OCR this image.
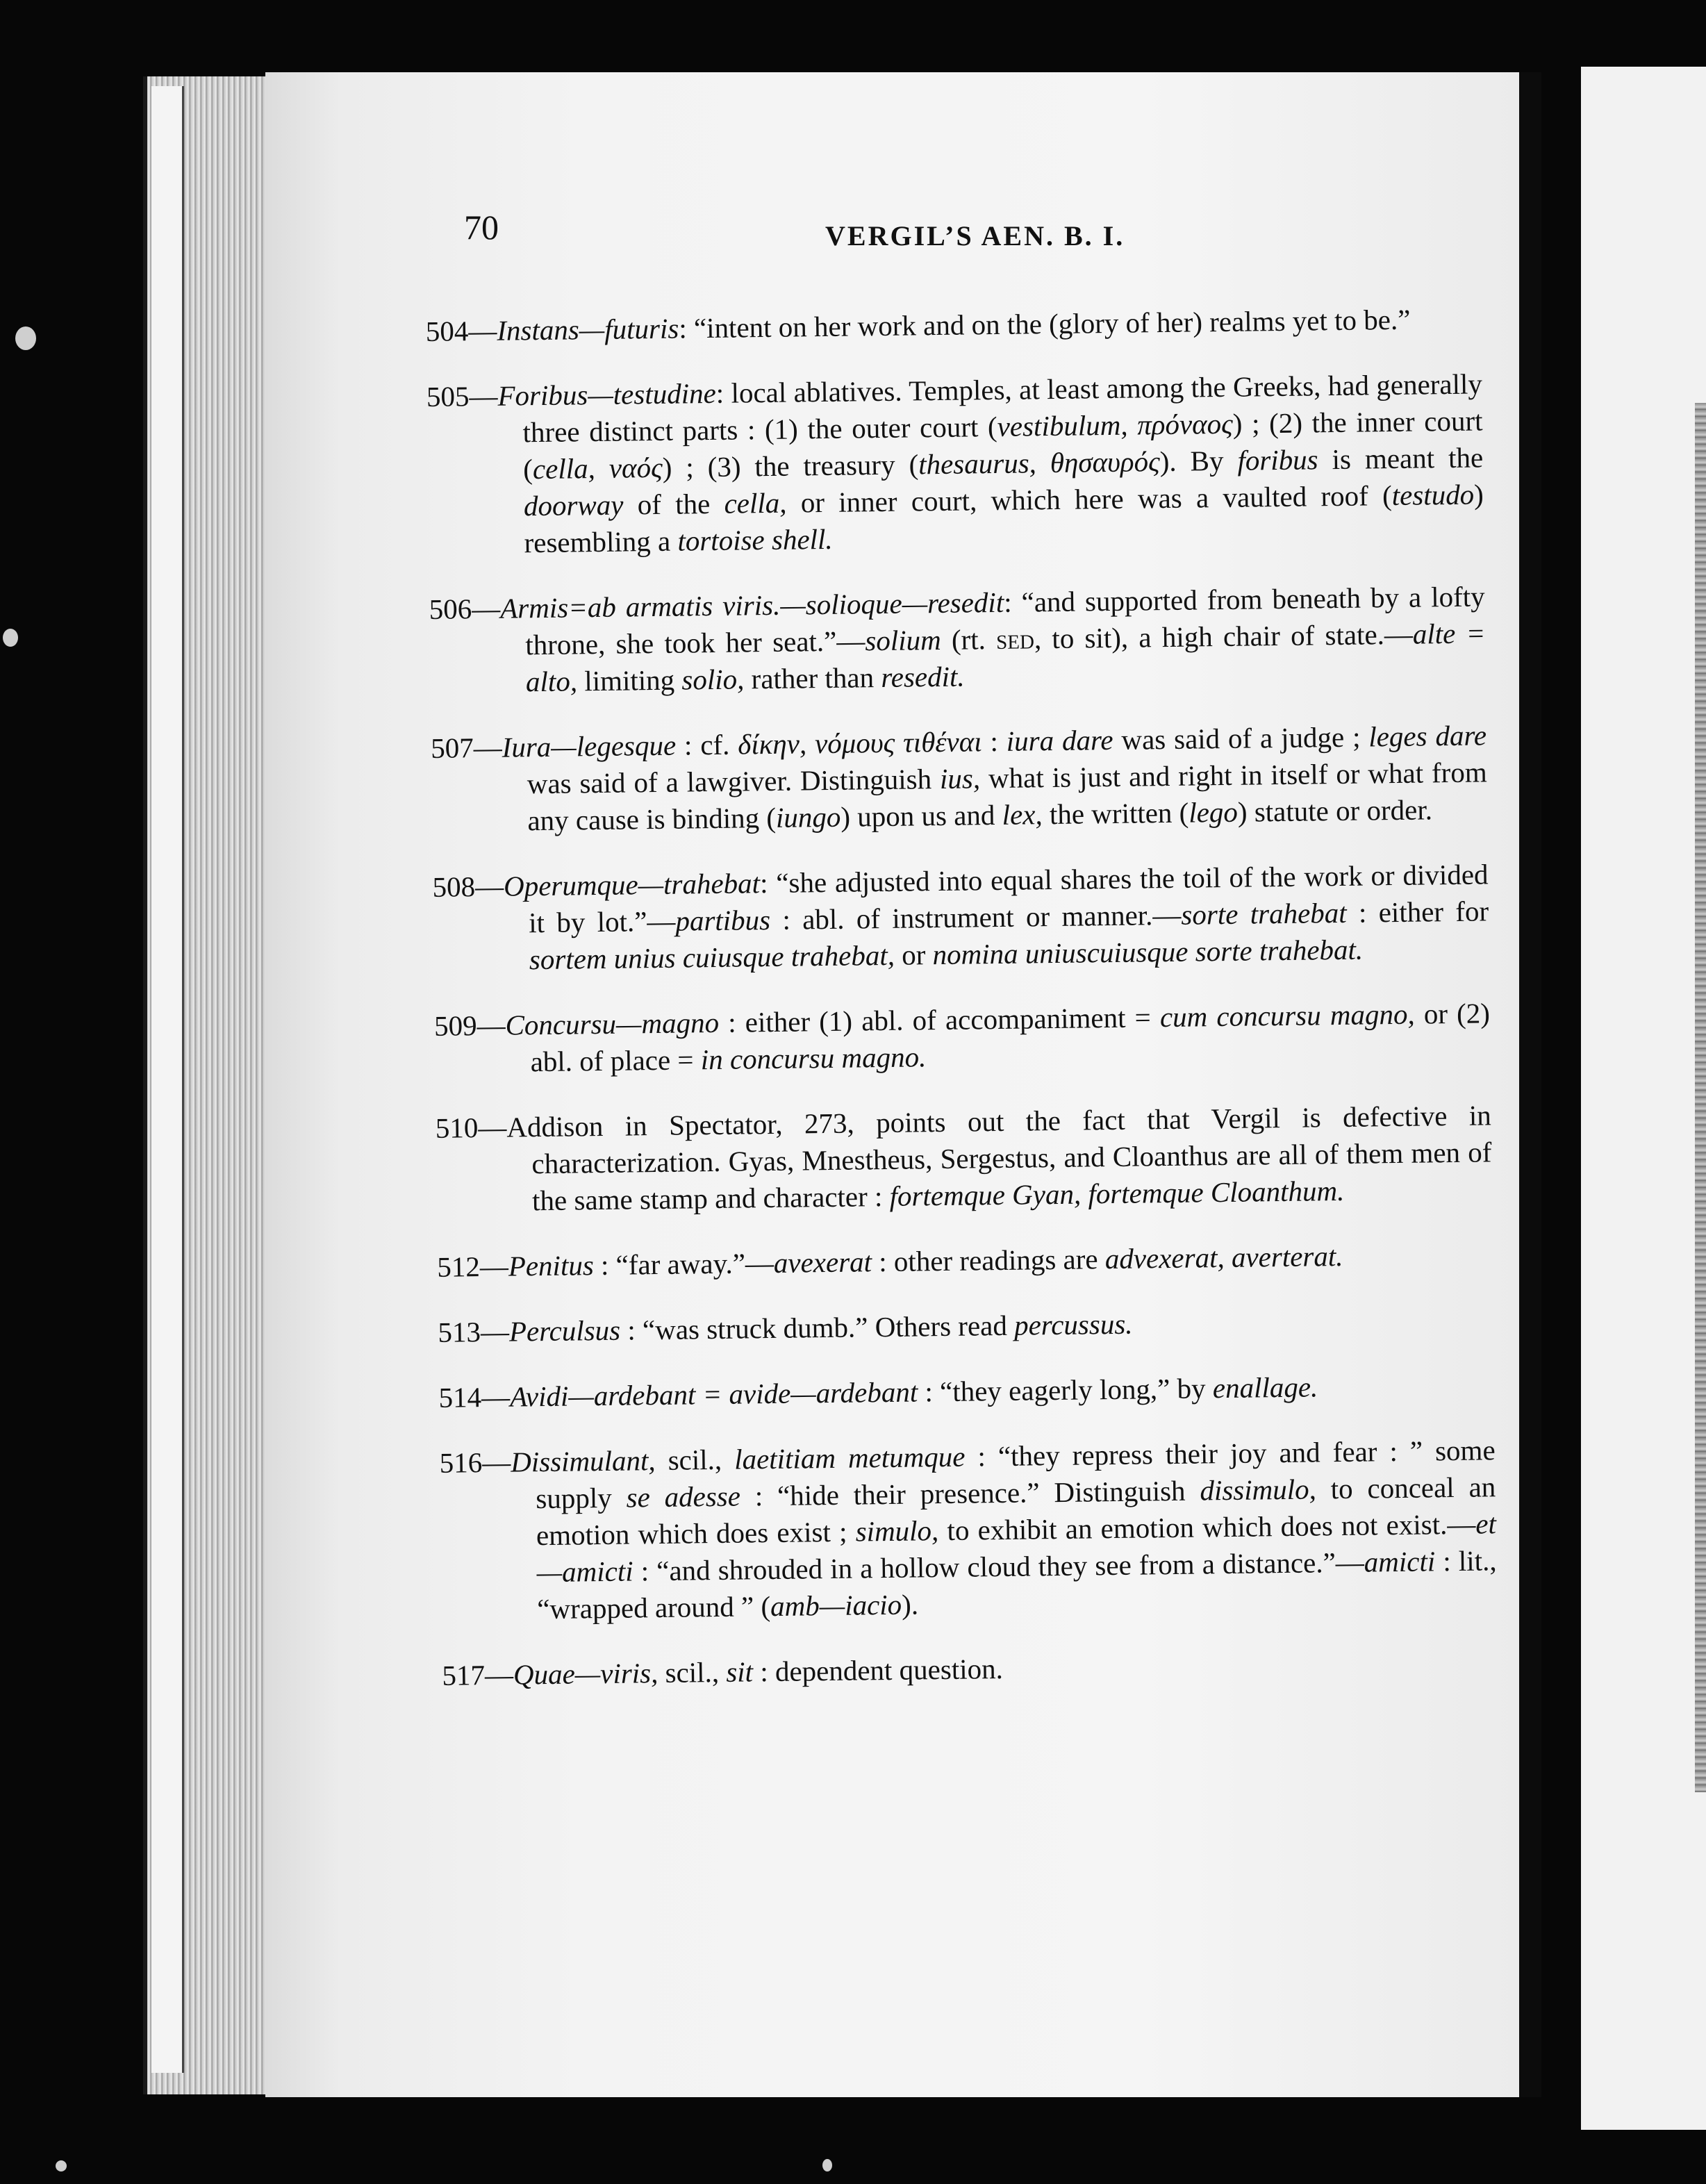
70	VERGIL’S AEN. B. I.

504—Instans—futuris: “intent on her work and on the (glory of her) realms yet to be.”

505—Foribus—testudine: local ablatives. Temples, at least among the Greeks, had generally three distinct parts : (1) the outer court (vestibulum, πρόναος) ; (2) the inner court (cella, ναός) ; (3) the treasury (thesaurus, θησαυρός). By foribus is meant the doorway of the cella, or inner court, which here was a vaulted roof (testudo) resembling a tortoise shell.

506—Armis=ab armatis viris.—solioque—resedit: “and supported from beneath by a lofty throne, she took her seat.”—solium (rt. sed, to sit), a high chair of state.—alte = alto, limiting solio, rather than resedit.

507—Iura—legesque : cf. δίκην, νόμους τιθέναι : iura dare was said of a judge ; leges dare was said of a lawgiver. Distinguish ius, what is just and right in itself or what from any cause is binding (iungo) upon us and lex, the written (lego) statute or order.

508—Operumque—trahebat: “she adjusted into equal shares the toil of the work or divided it by lot.”—partibus : abl. of instrument or manner.—sorte trahebat : either for sortem unius cuiusque trahebat, or nomina uniuscuiusque sorte trahebat.

509—Concursu—magno : either (1) abl. of accompaniment = cum concursu magno, or (2) abl. of place = in concursu magno.

510—Addison in Spectator, 273, points out the fact that Vergil is defective in characterization. Gyas, Mnestheus, Sergestus, and Cloanthus are all of them men of the same stamp and character : fortemque Gyan, fortemque Cloanthum.

512—Penitus : “far away.”—avexerat : other readings are advexerat, averterat.

513—Perculsus : “was struck dumb.” Others read percussus.

514—Avidi—ardebant = avide—ardebant : “they eagerly long,” by enallage.

516—Dissimulant, scil., laetitiam metumque : “they repress their joy and fear : ” some supply se adesse : “hide their presence.” Distinguish dissimulo, to conceal an emotion which does exist ; simulo, to exhibit an emotion which does not exist.—et—amicti : “and shrouded in a hollow cloud they see from a distance.”—amicti : lit., “wrapped around ” (amb—iacio).

517—Quae—viris, scil., sit : dependent question.
